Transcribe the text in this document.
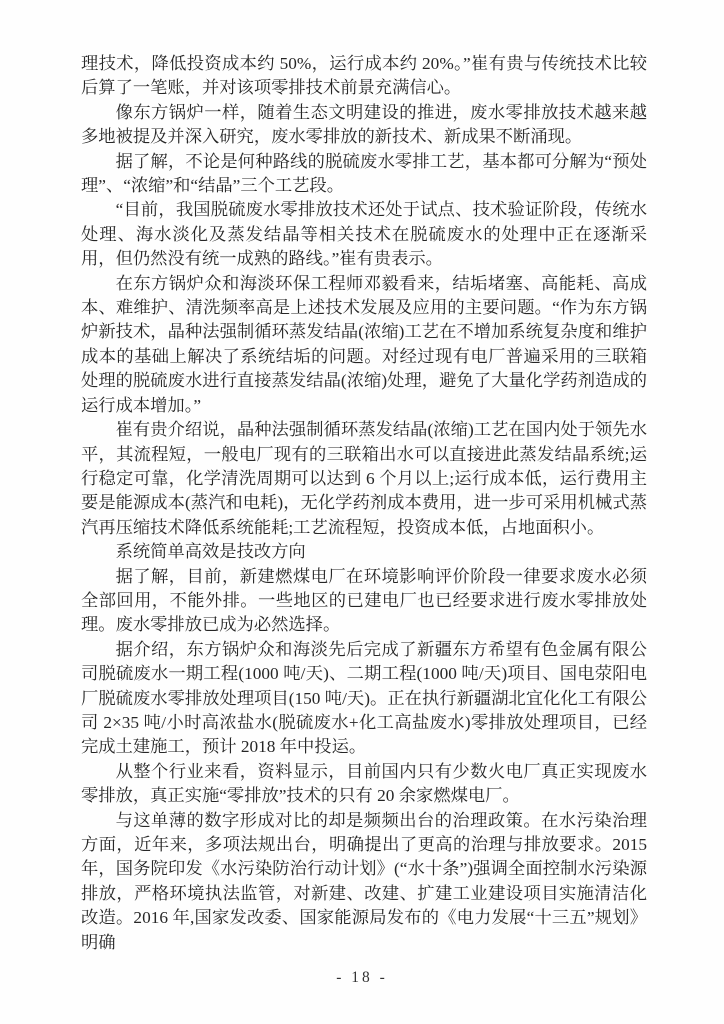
理技术，降低投资成本约 50%，运行成本约 20%。”崔有贵与传统技术比较后算了一笔账，并对该项零排技术前景充满信心。

像东方锅炉一样，随着生态文明建设的推进，废水零排放技术越来越多地被提及并深入研究，废水零排放的新技术、新成果不断涌现。

据了解，不论是何种路线的脱硫废水零排工艺，基本都可分解为“预处理”、“浓缩”和“结晶”三个工艺段。

“目前，我国脱硫废水零排放技术还处于试点、技术验证阶段，传统水处理、海水淡化及蒸发结晶等相关技术在脱硫废水的处理中正在逐渐采用，但仍然没有统一成熟的路线。”崔有贵表示。

在东方锅炉众和海淡环保工程师邓毅看来，结垢堵塞、高能耗、高成本、难维护、清洗频率高是上述技术发展及应用的主要问题。“作为东方锅炉新技术，晶种法强制循环蒸发结晶(浓缩)工艺在不增加系统复杂度和维护成本的基础上解决了系统结垢的问题。对经过现有电厂普遍采用的三联箱处理的脱硫废水进行直接蒸发结晶(浓缩)处理，避免了大量化学药剂造成的运行成本增加。”

崔有贵介绍说，晶种法强制循环蒸发结晶(浓缩)工艺在国内处于领先水平，其流程短，一般电厂现有的三联箱出水可以直接进此蒸发结晶系统;运行稳定可靠，化学清洗周期可以达到 6 个月以上;运行成本低，运行费用主要是能源成本(蒸汽和电耗)，无化学药剂成本费用，进一步可采用机械式蒸汽再压缩技术降低系统能耗;工艺流程短，投资成本低，占地面积小。

系统简单高效是技改方向

据了解，目前，新建燃煤电厂在环境影响评价阶段一律要求废水必须全部回用，不能外排。一些地区的已建电厂也已经要求进行废水零排放处理。废水零排放已成为必然选择。

据介绍，东方锅炉众和海淡先后完成了新疆东方希望有色金属有限公司脱硫废水一期工程(1000 吨/天)、二期工程(1000 吨/天)项目、国电荥阳电厂脱硫废水零排放处理项目(150 吨/天)。正在执行新疆湖北宜化化工有限公司 2×35 吨/小时高浓盐水(脱硫废水+化工高盐废水)零排放处理项目，已经完成土建施工，预计 2018 年中投运。

从整个行业来看，资料显示，目前国内只有少数火电厂真正实现废水零排放，真正实施“零排放”技术的只有 20 余家燃煤电厂。

与这单薄的数字形成对比的却是频频出台的治理政策。在水污染治理方面，近年来，多项法规出台，明确提出了更高的治理与排放要求。2015 年，国务院印发《水污染防治行动计划》(“水十条”)强调全面控制水污染源排放，严格环境执法监管，对新建、改建、扩建工业建设项目实施清洁化改造。2016 年,国家发改委、国家能源局发布的《电力发展“十三五”规划》明确

- 18 -
